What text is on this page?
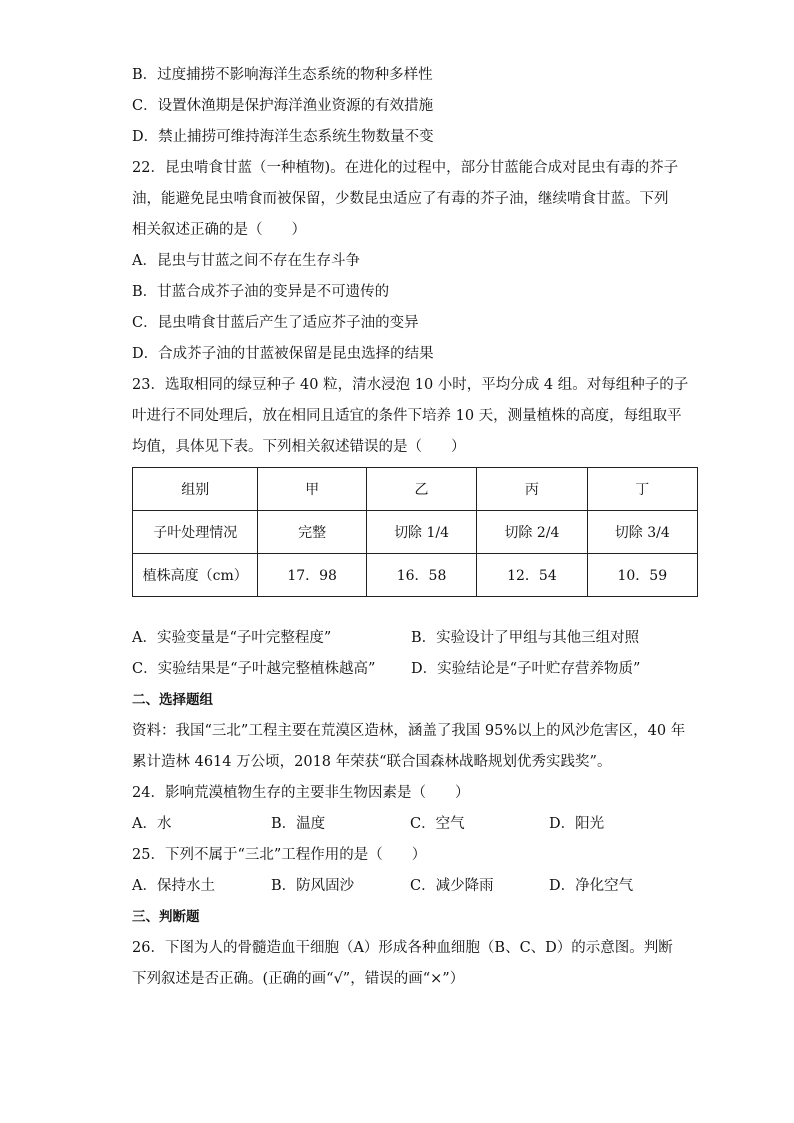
B．过度捕捞不影响海洋生态系统的物种多样性
C．设置休渔期是保护海洋渔业资源的有效措施
D．禁止捕捞可维持海洋生态系统生物数量不变
22．昆虫啃食甘蓝（一种植物)。在进化的过程中，部分甘蓝能合成对昆虫有毒的芥子
油，能避免昆虫啃食而被保留，少数昆虫适应了有毒的芥子油，继续啃食甘蓝。下列
相关叙述正确的是（　　）
A．昆虫与甘蓝之间不存在生存斗争
B．甘蓝合成芥子油的变异是不可遗传的
C．昆虫啃食甘蓝后产生了适应芥子油的变异
D．合成芥子油的甘蓝被保留是昆虫选择的结果
23．选取相同的绿豆种子 40 粒，清水浸泡 10 小时，平均分成 4 组。对每组种子的子
叶进行不同处理后，放在相同且适宜的条件下培养 10 天，测量植株的高度，每组取平
均值，具体见下表。下列相关叙述错误的是（　　）
组别	甲	乙	丙	丁
子叶处理情况	完整	切除 1/4	切除 2/4	切除 3/4
植株高度（cm）	17．98	16．58	12．54	10．59
A．实验变量是“子叶完整程度”	B．实验设计了甲组与其他三组对照
C．实验结果是“子叶越完整植株越高”	D．实验结论是“子叶贮存营养物质”
二、选择题组
资料：我国“三北”工程主要在荒漠区造林，涵盖了我国 95%以上的风沙危害区，40 年
累计造林 4614 万公顷，2018 年荣获“联合国森林战略规划优秀实践奖”。
24．影响荒漠植物生存的主要非生物因素是（　　）
A．水	B．温度	C．空气	D．阳光
25．下列不属于“三北”工程作用的是（　　）
A．保持水土	B．防风固沙	C．减少降雨	D．净化空气
三、判断题
26．下图为人的骨髓造血干细胞（A）形成各种血细胞（B、C、D）的示意图。判断
下列叙述是否正确。(正确的画“√”，错误的画“×”）
